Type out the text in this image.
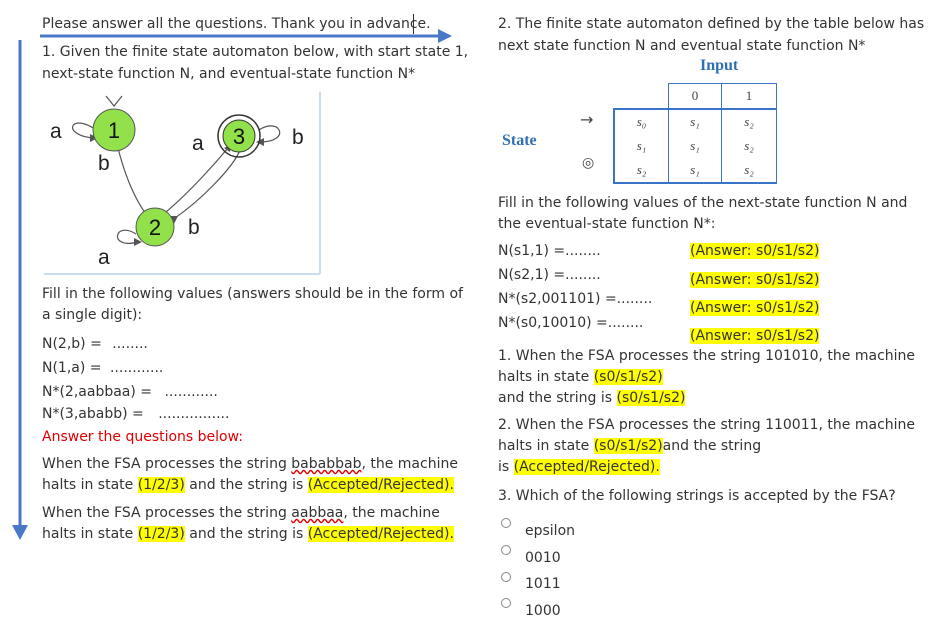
Please answer all the questions. Thank you in advance.
1. Given the finite state automaton below, with start state 1,
next-state function N, and eventual-state function N*
1
2
3
a
b
a	b
b
a
Fill in the following values (answers should be in the form of
a single digit):
N(2,b) = ........
N(1,a) = ............
N*(2,aabbaa) = ............
N*(3,ababb) = ................
Answer the questions below:
When the FSA processes the string bababbab, the machine
halts in state (1/2/3) and the string is (Accepted/Rejected).
When the FSA processes the string aabbaa, the machine
halts in state (1/2/3) and the string is (Accepted/Rejected).
2. The finite state automaton defined by the table below has
next state function N and eventual state function N*
Input
State
→
◎
	0	1
s₀	s₁	s₂
s₁	s₁	s₂
s₂	s₁	s₂
Fill in the following values of the next-state function N and
the eventual-state function N*:
N(s1,1) =........
N(s2,1) =........
N*(s2,001101) =........
N*(s0,10010) =........
(Answer: s0/s1/s2)
(Answer: s0/s1/s2)
(Answer: s0/s1/s2)
(Answer: s0/s1/s2)
1. When the FSA processes the string 101010, the machine
halts in state (s0/s1/s2)
and the string is (s0/s1/s2)
2. When the FSA processes the string 110011, the machine
halts in state (s0/s1/s2)and the string
is (Accepted/Rejected).
3. Which of the following strings is accepted by the FSA?
epsilon
0010
1011
1000
